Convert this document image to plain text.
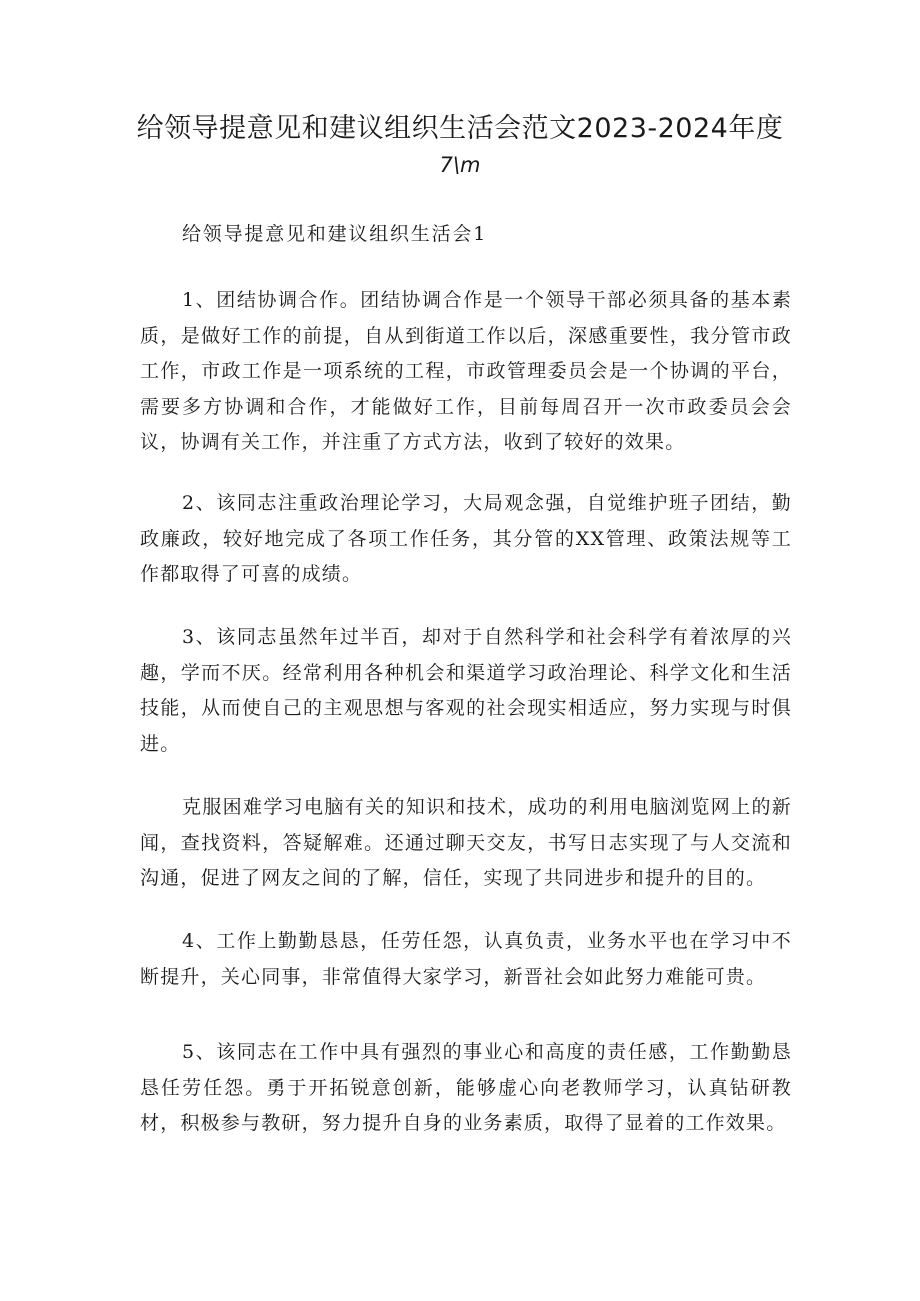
给领导提意见和建议组织生活会范文2023-2024年度
7\m
给领导提意见和建议组织生活会1

1、团结协调合作。团结协调合作是一个领导干部必须具备的基本素质，是做好工作的前提，自从到街道工作以后，深感重要性，我分管市政工作，市政工作是一项系统的工程，市政管理委员会是一个协调的平台，需要多方协调和合作，才能做好工作，目前每周召开一次市政委员会会议，协调有关工作，并注重了方式方法，收到了较好的效果。

2、该同志注重政治理论学习，大局观念强，自觉维护班子团结，勤政廉政，较好地完成了各项工作任务，其分管的XX管理、政策法规等工作都取得了可喜的成绩。

3、该同志虽然年过半百，却对于自然科学和社会科学有着浓厚的兴趣，学而不厌。经常利用各种机会和渠道学习政治理论、科学文化和生活技能，从而使自己的主观思想与客观的社会现实相适应，努力实现与时俱进。

克服困难学习电脑有关的知识和技术，成功的利用电脑浏览网上的新闻，查找资料，答疑解难。还通过聊天交友，书写日志实现了与人交流和沟通，促进了网友之间的了解，信任，实现了共同进步和提升的目的。

4、工作上勤勤恳恳，任劳任怨，认真负责，业务水平也在学习中不断提升，关心同事，非常值得大家学习，新晋社会如此努力难能可贵。

5、该同志在工作中具有强烈的事业心和高度的责任感，工作勤勤恳恳任劳任怨。勇于开拓锐意创新，能够虚心向老教师学习，认真钻研教材，积极参与教研，努力提升自身的业务素质，取得了显着的工作效果。
